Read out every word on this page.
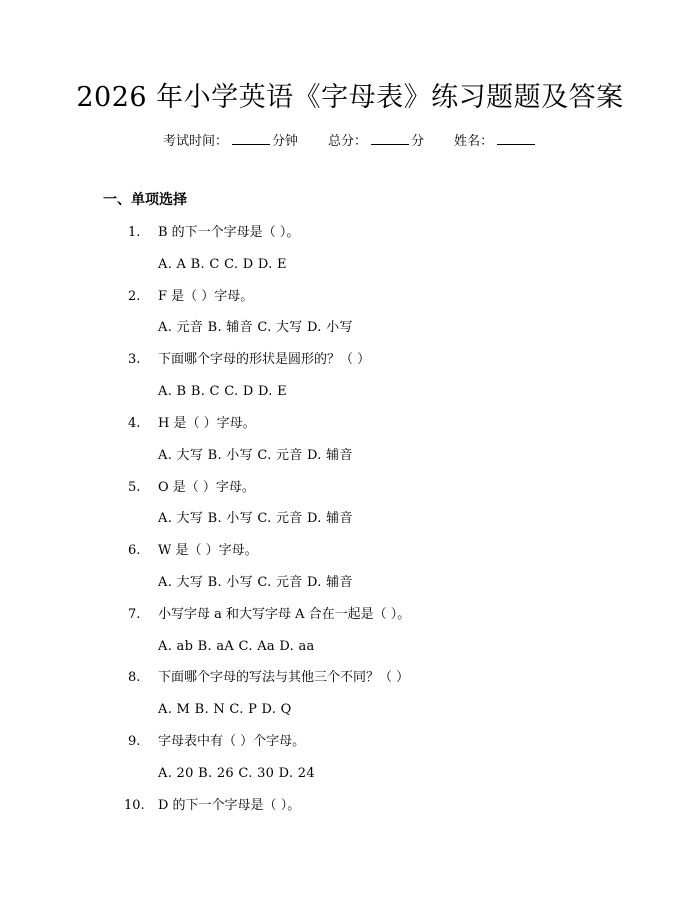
2026 年小学英语《字母表》练习题题及答案
考试时间：	分钟 总分：	分 姓名：
一、单项选择
1.	B 的下一个字母是（ ）。
A. A B. C C. D D. E
2.	F 是（ ）字母。
A. 元音 B. 辅音 C. 大写 D. 小写
3.	下面哪个字母的形状是圆形的？（ ）
A. B B. C C. D D. E
4.	H 是（ ）字母。
A. 大写 B. 小写 C. 元音 D. 辅音
5.	O 是（ ）字母。
A. 大写 B. 小写 C. 元音 D. 辅音
6.	W 是（ ）字母。
A. 大写 B. 小写 C. 元音 D. 辅音
7.	小写字母 a 和大写字母 A 合在一起是（ ）。
A. ab B. aA C. Aa D. aa
8.	下面哪个字母的写法与其他三个不同？（ ）
A. M B. N C. P D. Q
9.	字母表中有（ ）个字母。
A. 20 B. 26 C. 30 D. 24
10. D 的下一个字母是（ ）。
